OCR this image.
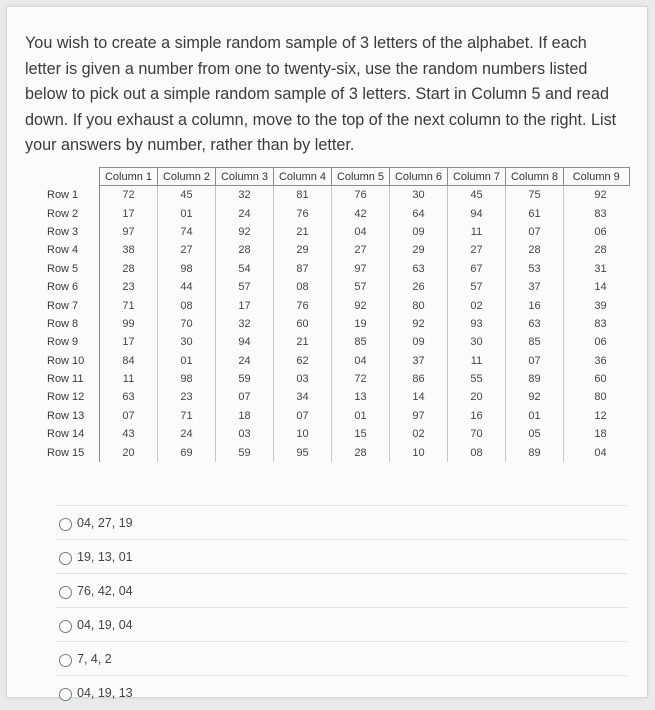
You wish to create a simple random sample of 3 letters of the alphabet. If each letter is given a number from one to twenty-six, use the random numbers listed below to pick out a simple random sample of 3 letters. Start in Column 5 and read down. If you exhaust a column, move to the top of the next column to the right. List your answers by number, rather than by letter.
	Column 1	Column 2	Column 3	Column 4	Column 5	Column 6	Column 7	Column 8	Column 9
Row 1	72	45	32	81	76	30	45	75	92
Row 2	17	01	24	76	42	64	94	61	83
Row 3	97	74	92	21	04	09	11	07	06
Row 4	38	27	28	29	27	29	27	28	28
Row 5	28	98	54	87	97	63	67	53	31
Row 6	23	44	57	08	57	26	57	37	14
Row 7	71	08	17	76	92	80	02	16	39
Row 8	99	70	32	60	19	92	93	63	83
Row 9	17	30	94	21	85	09	30	85	06
Row 10	84	01	24	62	04	37	11	07	36
Row 11	11	98	59	03	72	86	55	89	60
Row 12	63	23	07	34	13	14	20	92	80
Row 13	07	71	18	07	01	97	16	01	12
Row 14	43	24	03	10	15	02	70	05	18
Row 15	20	69	59	95	28	10	08	89	04
04, 27, 19
19, 13, 01
76, 42, 04
04, 19, 04
7, 4, 2
04, 19, 13
